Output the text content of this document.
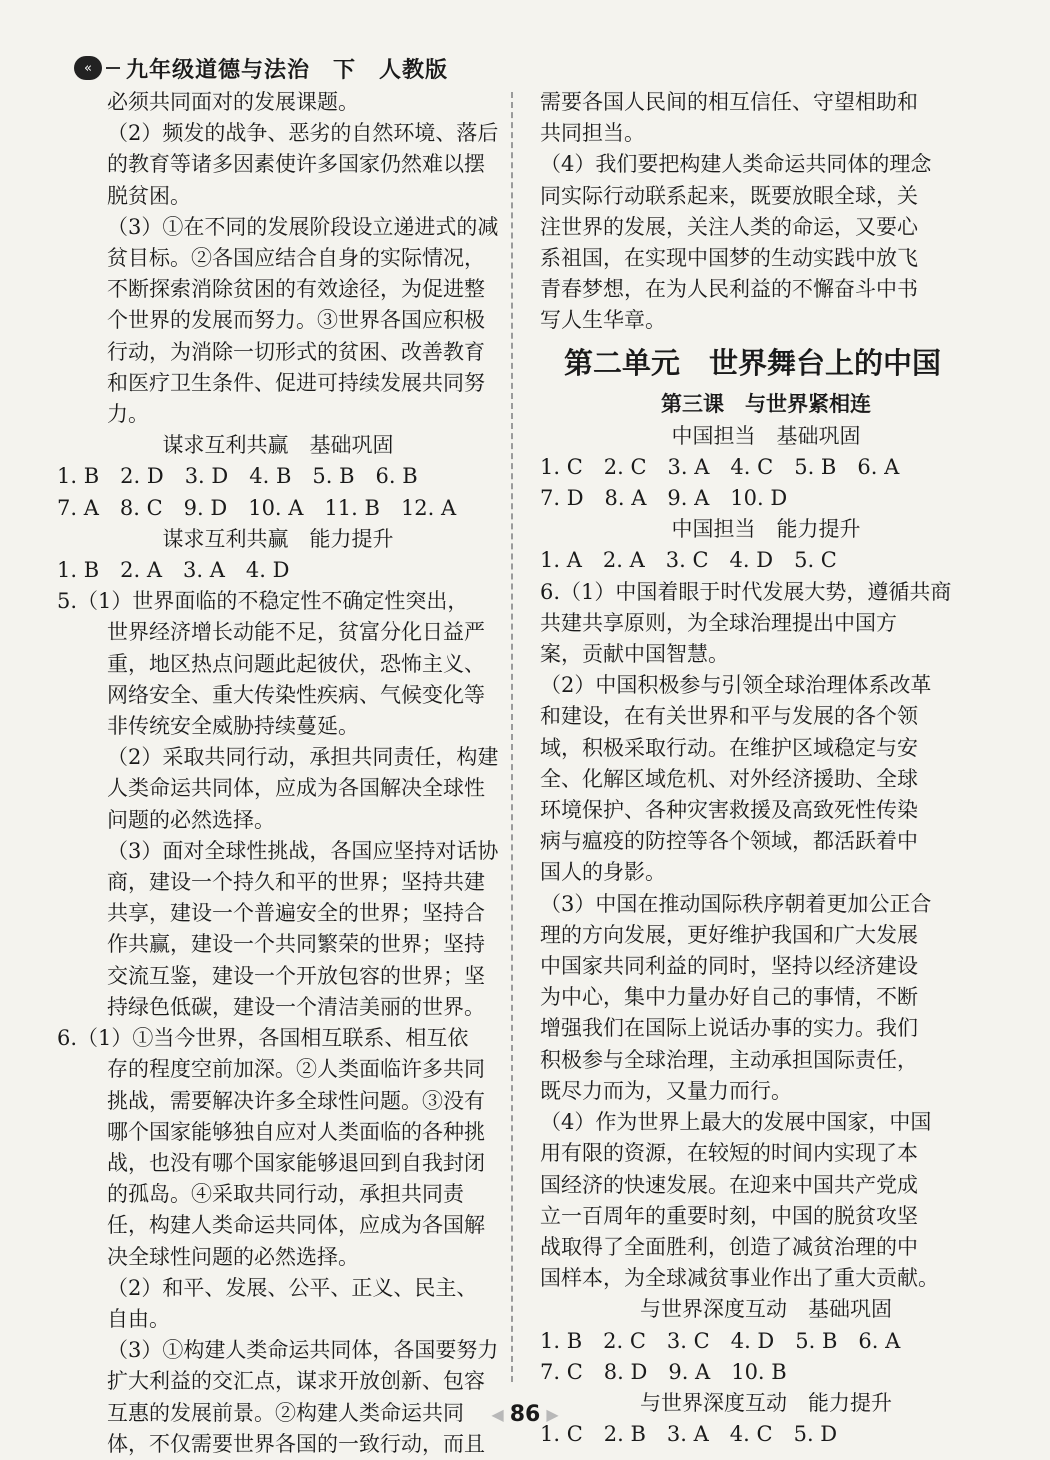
« 九年级道德与法治　下　人教版

必须共同面对的发展课题。

（2）频发的战争、恶劣的自然环境、落后

的教育等诸多因素使许多国家仍然难以摆

脱贫困。

（3）①在不同的发展阶段设立递进式的减

贫目标。②各国应结合自身的实际情况，

不断探索消除贫困的有效途径，为促进整

个世界的发展而努力。③世界各国应积极

行动，为消除一切形式的贫困、改善教育

和医疗卫生条件、促进可持续发展共同努力。

谋求互利共赢　基础巩固

1. B　2. D　3. D　4. B　5. B　6. B

7. A　8. C　9. D　10. A　11. B　12. A

谋求互利共赢　能力提升

1. B　2. A　3. A　4. D

5.（1）世界面临的不稳定性不确定性突出，

世界经济增长动能不足，贫富分化日益严

重，地区热点问题此起彼伏，恐怖主义、

网络安全、重大传染性疾病、气候变化等

非传统安全威胁持续蔓延。

（2）采取共同行动，承担共同责任，构建

人类命运共同体，应成为各国解决全球性

问题的必然选择。

（3）面对全球性挑战，各国应坚持对话协

商，建设一个持久和平的世界；坚持共建

共享，建设一个普遍安全的世界；坚持合

作共赢，建设一个共同繁荣的世界；坚持

交流互鉴，建设一个开放包容的世界；坚

持绿色低碳，建设一个清洁美丽的世界。

6.（1）①当今世界，各国相互联系、相互依

存的程度空前加深。②人类面临许多共同

挑战，需要解决许多全球性问题。③没有

哪个国家能够独自应对人类面临的各种挑

战，也没有哪个国家能够退回到自我封闭

的孤岛。④采取共同行动，承担共同责

任，构建人类命运共同体，应成为各国解

决全球性问题的必然选择。

（2）和平、发展、公平、正义、民主、

自由。

（3）①构建人类命运共同体，各国要努力

扩大利益的交汇点，谋求开放创新、包容

互惠的发展前景。②构建人类命运共同

体，不仅需要世界各国的一致行动，而且

需要各国人民间的相互信任、守望相助和

共同担当。

（4）我们要把构建人类命运共同体的理念

同实际行动联系起来，既要放眼全球，关

注世界的发展，关注人类的命运，又要心

系祖国，在实现中国梦的生动实践中放飞

青春梦想，在为人民利益的不懈奋斗中书

写人生华章。

第二单元　世界舞台上的中国

第三课　与世界紧相连

中国担当　基础巩固

1. C　2. C　3. A　4. C　5. B　6. A

7. D　8. A　9. A　10. D

中国担当　能力提升

1. A　2. A　3. C　4. D　5. C

6.（1）中国着眼于时代发展大势，遵循共商

共建共享原则，为全球治理提出中国方

案，贡献中国智慧。

（2）中国积极参与引领全球治理体系改革

和建设，在有关世界和平与发展的各个领

域，积极采取行动。在维护区域稳定与安

全、化解区域危机、对外经济援助、全球

环境保护、各种灾害救援及高致死性传染

病与瘟疫的防控等各个领域，都活跃着中

国人的身影。

（3）中国在推动国际秩序朝着更加公正合

理的方向发展，更好维护我国和广大发展

中国家共同利益的同时，坚持以经济建设

为中心，集中力量办好自己的事情，不断

增强我们在国际上说话办事的实力。我们

积极参与全球治理，主动承担国际责任，

既尽力而为，又量力而行。

（4）作为世界上最大的发展中国家，中国

用有限的资源，在较短的时间内实现了本

国经济的快速发展。在迎来中国共产党成

立一百周年的重要时刻，中国的脱贫攻坚

战取得了全面胜利，创造了减贫治理的中

国样本，为全球减贫事业作出了重大贡献。

与世界深度互动　基础巩固

1. B　2. C　3. C　4. D　5. B　6. A

7. C　8. D　9. A　10. B

与世界深度互动　能力提升

1. C　2. B　3. A　4. C　5. D

◀ 86 ▶
